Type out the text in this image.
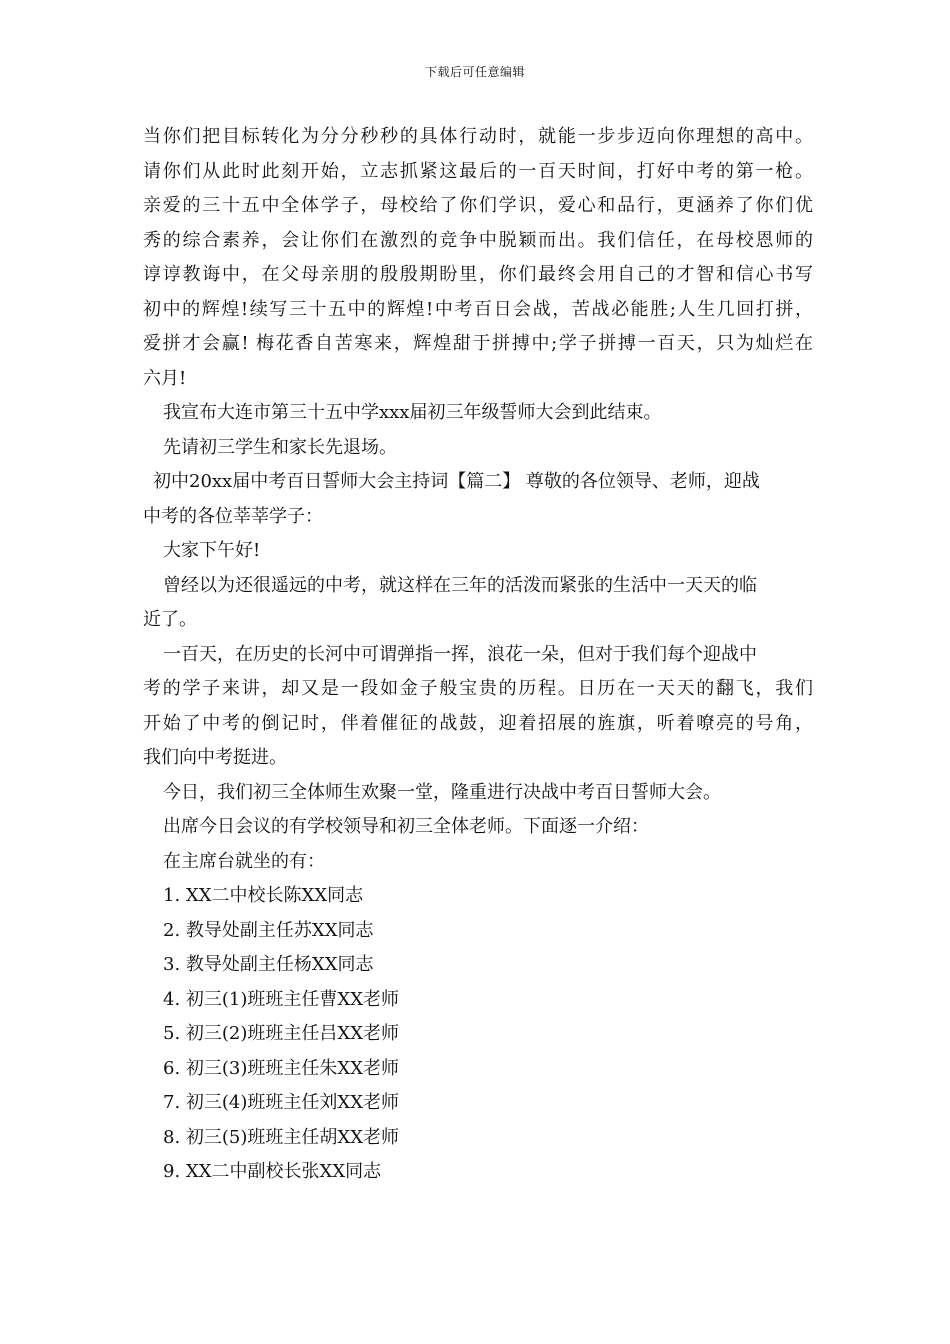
下载后可任意编辑
当你们把目标转化为分分秒秒的具体行动时，就能一步步迈向你理想的高中。
请你们从此时此刻开始，立志抓紧这最后的一百天时间，打好中考的第一枪。
亲爱的三十五中全体学子，母校给了你们学识，爱心和品行，更涵养了你们优
秀的综合素养，会让你们在激烈的竞争中脱颖而出。我们信任，在母校恩师的
谆谆教诲中，在父母亲朋的殷殷期盼里，你们最终会用自己的才智和信心书写
初中的辉煌!续写三十五中的辉煌!中考百日会战，苦战必能胜;人生几回打拼，
爱拼才会赢! 梅花香自苦寒来，辉煌甜于拼搏中;学子拼搏一百天，只为灿烂在
六月!
我宣布大连市第三十五中学xxx届初三年级誓师大会到此结束。
先请初三学生和家长先退场。
初中20xx届中考百日誓师大会主持词【篇二】 尊敬的各位领导、老师，迎战
中考的各位莘莘学子：
大家下午好!
曾经以为还很遥远的中考，就这样在三年的活泼而紧张的生活中一天天的临
近了。
一百天，在历史的长河中可谓弹指一挥，浪花一朵，但对于我们每个迎战中
考的学子来讲，却又是一段如金子般宝贵的历程。日历在一天天的翻飞，我们
开始了中考的倒记时，伴着催征的战鼓，迎着招展的旌旗，听着嘹亮的号角，
我们向中考挺进。
今日，我们初三全体师生欢聚一堂，隆重进行决战中考百日誓师大会。
出席今日会议的有学校领导和初三全体老师。下面逐一介绍：
在主席台就坐的有：
1. XX二中校长陈XX同志
2. 教导处副主任苏XX同志
3. 教导处副主任杨XX同志
4. 初三(1)班班主任曹XX老师
5. 初三(2)班班主任吕XX老师
6. 初三(3)班班主任朱XX老师
7. 初三(4)班班主任刘XX老师
8. 初三(5)班班主任胡XX老师
9. XX二中副校长张XX同志
